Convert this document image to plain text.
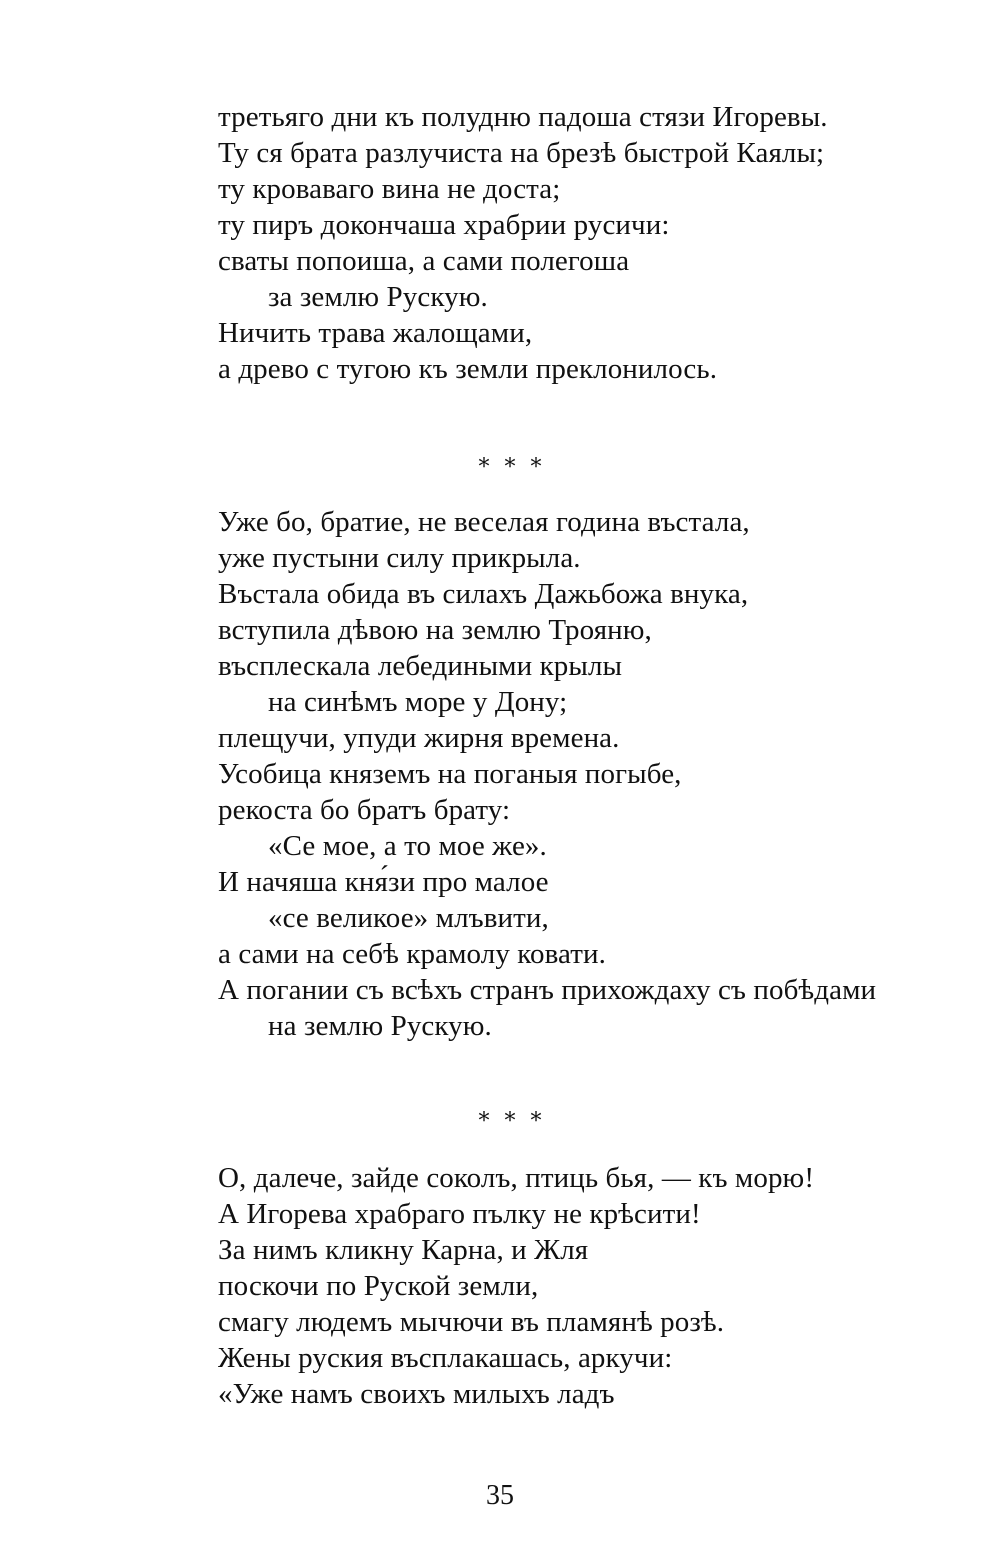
третьяго дни къ полудню падоша стязи Игоревы.
Ту ся брата разлучиста на брезѣ быстрой Каялы;
ту кроваваго вина не доста;
ту пиръ докончаша храбрии русичи:
сваты попоиша, а сами полегоша
за землю Рускую.
Ничить трава жалощами,
а древо с тугою къ земли преклонилось.
* * *
Уже бо, братие, не веселая година въстала,
уже пустыни силу прикрыла.
Въстала обида въ силахъ Дажьбожа внука,
вступила дѣвою на землю Трояню,
въсплескала лебедиными крылы
на синѣмъ море у Дону;
плещучи, упуди жирня времена.
Усобица княземъ на поганыя погыбе,
рекоста бо братъ брату:
«Се мое, а то мое же».
И начяша кня́зи про малое
«се великое» млъвити,
а сами на себѣ крамолу ковати.
А погании съ всѣхъ странъ прихождаху съ побѣдами
на землю Рускую.
* * *
О, далече, зайде соколъ, птиць бья, — къ морю!
А Игорева храбраго пълку не крѣсити!
За нимъ кликну Карна, и Жля
поскочи по Руской земли,
смагу людемъ мычючи въ пламянѣ розѣ.
Жены руския въсплакашась, аркучи:
«Уже намъ своихъ милыхъ ладъ
35
